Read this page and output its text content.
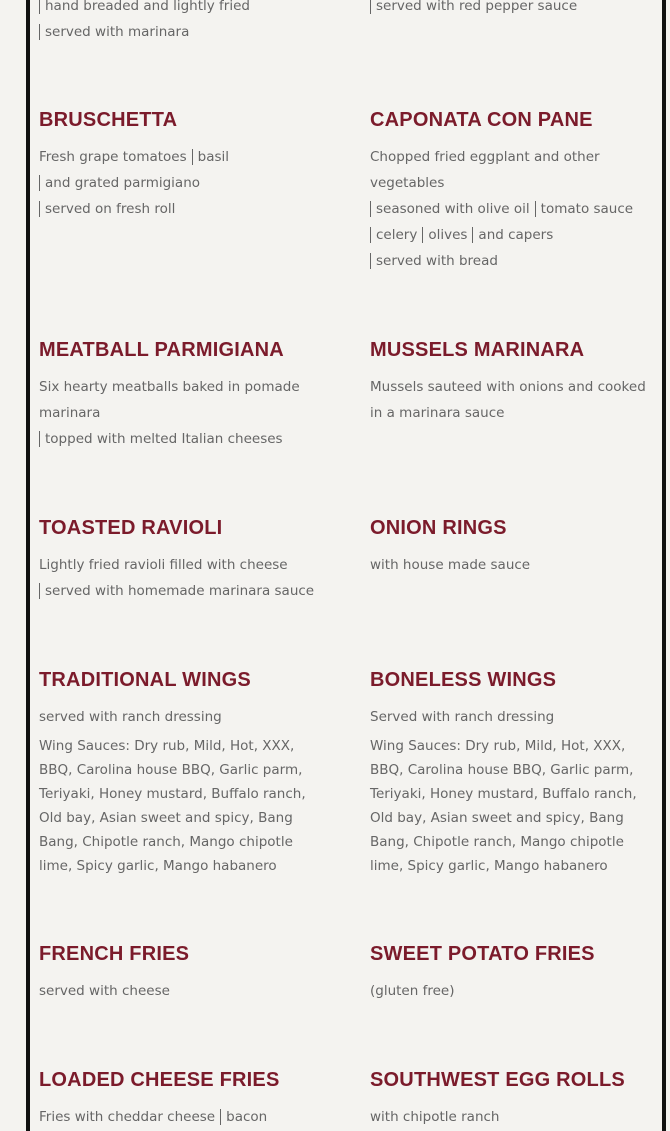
hand breaded and lightly fried
served with marinara
served with red pepper sauce
BRUSCHETTA
Fresh grape tomatoes basil
and grated parmigiano
served on fresh roll
CAPONATA CON PANE
Chopped fried eggplant and other vegetables
seasoned with olive oil tomato sauce
celery olives and capers
served with bread
MEATBALL PARMIGIANA
Six hearty meatballs baked in pomade marinara
topped with melted Italian cheeses
MUSSELS MARINARA
Mussels sauteed with onions and cooked in a marinara sauce
TOASTED RAVIOLI
Lightly fried ravioli filled with cheese
served with homemade marinara sauce
ONION RINGS
with house made sauce
TRADITIONAL WINGS
served with ranch dressing
Wing Sauces: Dry rub, Mild, Hot, XXX, BBQ, Carolina house BBQ, Garlic parm, Teriyaki, Honey mustard, Buffalo ranch, Old bay, Asian sweet and spicy, Bang Bang, Chipotle ranch, Mango chipotle lime, Spicy garlic, Mango habanero
BONELESS WINGS
Served with ranch dressing
Wing Sauces: Dry rub, Mild, Hot, XXX, BBQ, Carolina house BBQ, Garlic parm, Teriyaki, Honey mustard, Buffalo ranch, Old bay, Asian sweet and spicy, Bang Bang, Chipotle ranch, Mango chipotle lime, Spicy garlic, Mango habanero
FRENCH FRIES
served with cheese
SWEET POTATO FRIES
(gluten free)
LOADED CHEESE FRIES
Fries with cheddar cheese bacon
SOUTHWEST EGG ROLLS
with chipotle ranch
